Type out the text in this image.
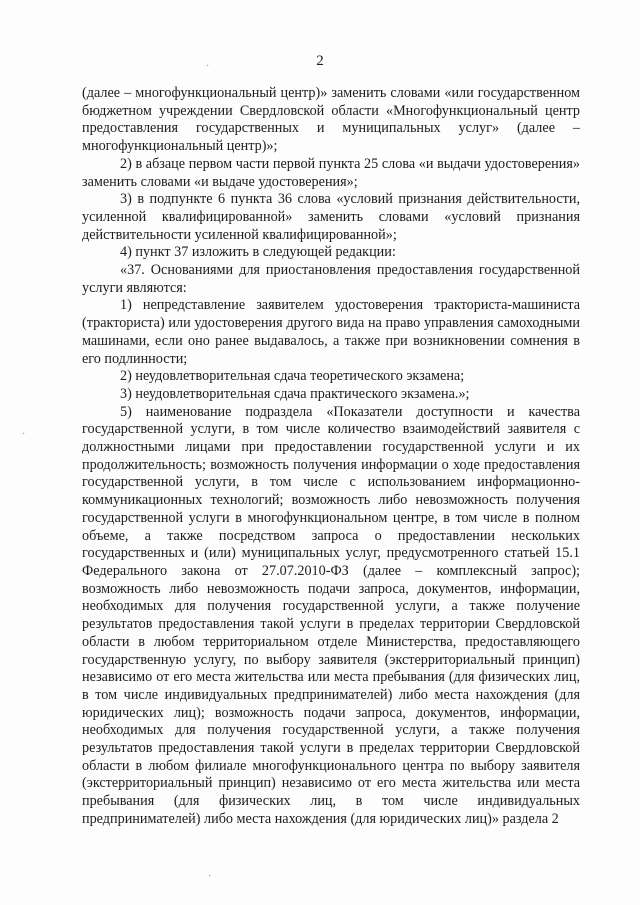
·
·
·
2

(далее – многофункциональный центр)» заменить словами «или государственном бюджетном учреждении Свердловской области «Многофункциональный центр предоставления государственных и муниципальных услуг» (далее – многофункциональный центр)»;

2) в абзаце первом части первой пункта 25 слова «и выдачи удостоверения» заменить словами «и выдаче удостоверения»;

3) в подпункте 6 пункта 36 слова «условий признания действительности, усиленной квалифицированной» заменить словами «условий признания действительности усиленной квалифицированной»;

4) пункт 37 изложить в следующей редакции:

«37. Основаниями для приостановления предоставления государственной услуги являются:

1) непредставление заявителем удостоверения тракториста-машиниста (тракториста) или удостоверения другого вида на право управления самоходными машинами, если оно ранее выдавалось, а также при возникновении сомнения в его подлинности;

2) неудовлетворительная сдача теоретического экзамена;

3) неудовлетворительная сдача практического экзамена.»;

5) наименование подраздела «Показатели доступности и качества государственной услуги, в том числе количество взаимодействий заявителя с должностными лицами при предоставлении государственной услуги и их продолжительность; возможность получения информации о ходе предоставления государственной услуги, в том числе с использованием информационно-коммуникационных технологий; возможность либо невозможность получения государственной услуги в многофункциональном центре, в том числе в полном объеме, а также посредством запроса о предоставлении нескольких государственных и (или) муниципальных услуг, предусмотренного статьей 15.1 Федерального закона от 27.07.2010-ФЗ (далее – комплексный запрос); возможность либо невозможность подачи запроса, документов, информации, необходимых для получения государственной услуги, а также получение результатов предоставления такой услуги в пределах территории Свердловской области в любом территориальном отделе Министерства, предоставляющего государственную услугу, по выбору заявителя (экстерриториальный принцип) независимо от его места жительства или места пребывания (для физических лиц, в том числе индивидуальных предпринимателей) либо места нахождения (для юридических лиц); возможность подачи запроса, документов, информации, необходимых для получения государственной услуги, а также получения результатов предоставления такой услуги в пределах территории Свердловской области в любом филиале многофункционального центра по выбору заявителя (экстерриториальный принцип) независимо от его места жительства или места пребывания (для физических лиц, в том числе индивидуальных предпринимателей) либо места нахождения (для юридических лиц)» раздела 2
